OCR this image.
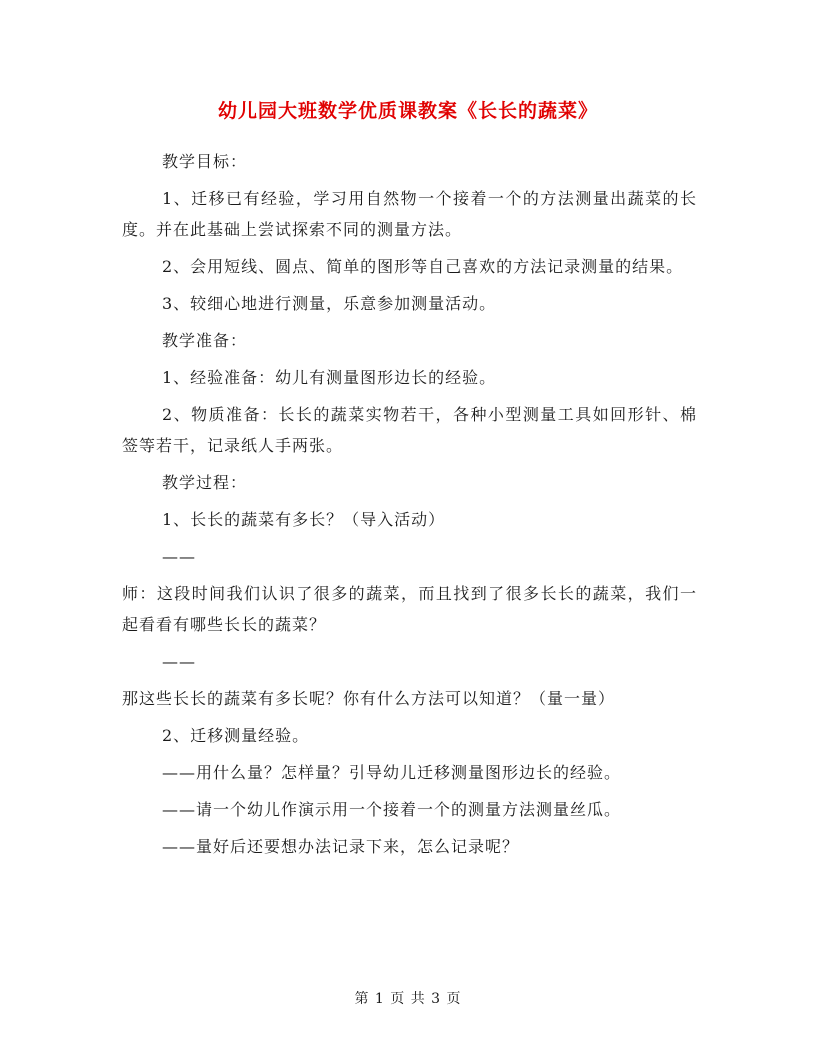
幼儿园大班数学优质课教案《长长的蔬菜》

教学目标：

1、迁移已有经验，学习用自然物一个接着一个的方法测量出蔬菜的长度。并在此基础上尝试探索不同的测量方法。

2、会用短线、圆点、简单的图形等自己喜欢的方法记录测量的结果。

3、较细心地进行测量，乐意参加测量活动。

教学准备：

1、经验准备：幼儿有测量图形边长的经验。

2、物质准备：长长的蔬菜实物若干，各种小型测量工具如回形针、棉签等若干，记录纸人手两张。

教学过程：

1、长长的蔬菜有多长？（导入活动）

——

师：这段时间我们认识了很多的蔬菜，而且找到了很多长长的蔬菜，我们一起看看有哪些长长的蔬菜？

——

那这些长长的蔬菜有多长呢？你有什么方法可以知道？（量一量）

2、迁移测量经验。

——用什么量？怎样量？引导幼儿迁移测量图形边长的经验。

——请一个幼儿作演示用一个接着一个的测量方法测量丝瓜。

——量好后还要想办法记录下来，怎么记录呢？

第 1 页 共 3 页
